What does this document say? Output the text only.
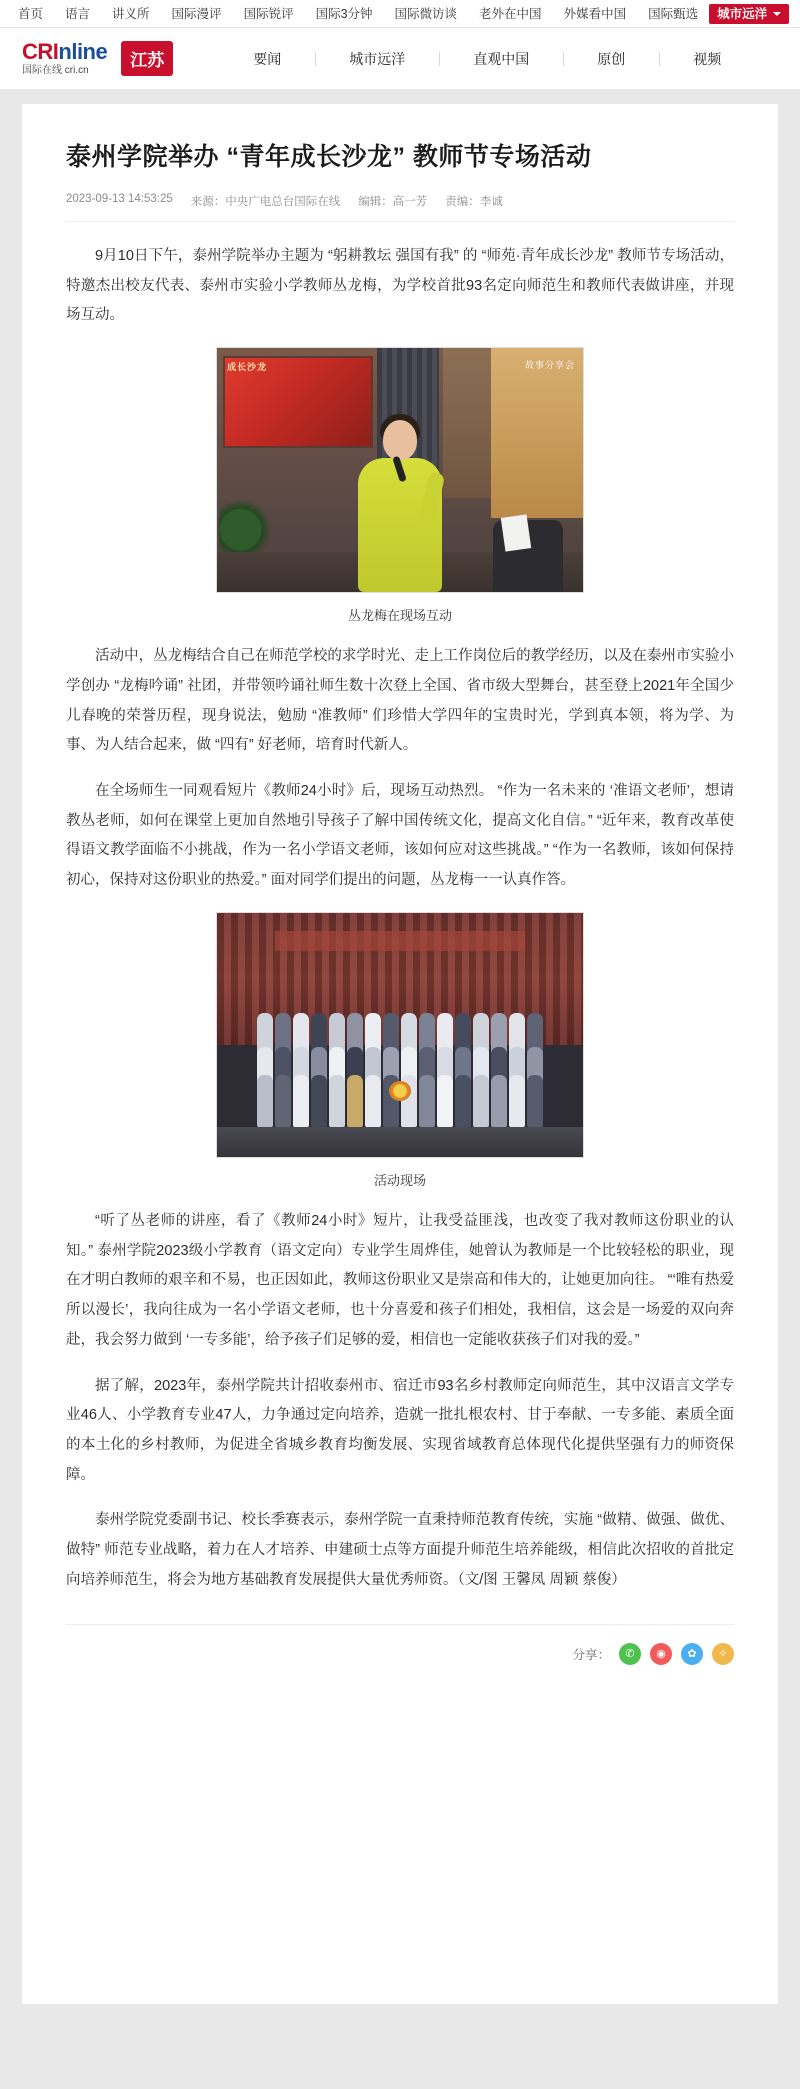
首页	语言	讲义所	国际漫评	国际锐评	国际3分钟	国际微访谈	老外在中国	外媒看中国	国际甄选	城市远洋
CRInline
国际在线 cri.cn
江苏	要闻	城市远洋	直观中国	原创	视频
泰州学院举办 “青年成长沙龙” 教师节专场活动
2023-09-13 14:53:25 来源：中央广电总台国际在线 编辑：高一芳 责编：李诚

9月10日下午，泰州学院举办主题为 “躬耕教坛 强国有我” 的 “师苑·青年成长沙龙” 教师节专场活动，特邀杰出校友代表、泰州市实验小学教师丛龙梅，为学校首批93名定向师范生和教师代表做讲座，并现场互动。

成长沙龙	故事分享会
丛龙梅在现场互动

活动中，丛龙梅结合自己在师范学校的求学时光、走上工作岗位后的教学经历，以及在泰州市实验小学创办 “龙梅吟诵” 社团，并带领吟诵社师生数十次登上全国、省市级大型舞台，甚至登上2021年全国少儿春晚的荣誉历程，现身说法，勉励 “准教师” 们珍惜大学四年的宝贵时光，学到真本领，将为学、为事、为人结合起来，做 “四有” 好老师，培育时代新人。

在全场师生一同观看短片《教师24小时》后，现场互动热烈。 “作为一名未来的 ‘准语文老师’，想请教丛老师，如何在课堂上更加自然地引导孩子了解中国传统文化，提高文化自信。” “近年来，教育改革使得语文教学面临不小挑战，作为一名小学语文老师，该如何应对这些挑战。” “作为一名教师，该如何保持初心，保持对这份职业的热爱。” 面对同学们提出的问题，丛龙梅一一认真作答。

活动现场

“听了丛老师的讲座，看了《教师24小时》短片，让我受益匪浅，也改变了我对教师这份职业的认知。” 泰州学院2023级小学教育（语文定向）专业学生周烨佳，她曾认为教师是一个比较轻松的职业，现在才明白教师的艰辛和不易，也正因如此，教师这份职业又是崇高和伟大的，让她更加向往。 “‘唯有热爱所以漫长’，我向往成为一名小学语文老师，也十分喜爱和孩子们相处，我相信，这会是一场爱的双向奔赴，我会努力做到 ‘一专多能’，给予孩子们足够的爱，相信也一定能收获孩子们对我的爱。”

据了解，2023年，泰州学院共计招收泰州市、宿迁市93名乡村教师定向师范生，其中汉语言文学专业46人、小学教育专业47人，力争通过定向培养，造就一批扎根农村、甘于奉献、一专多能、素质全面的本土化的乡村教师，为促进全省城乡教育均衡发展、实现省域教育总体现代化提供坚强有力的师资保障。

泰州学院党委副书记、校长季赛表示，泰州学院一直秉持师范教育传统，实施 “做精、做强、做优、做特” 师范专业战略，着力在人才培养、申建硕士点等方面提升师范生培养能级，相信此次招收的首批定向培养师范生，将会为地方基础教育发展提供大量优秀师资。（文/图 王馨凤 周颖 蔡俊）

分享：	✆	◉	✿	✧
